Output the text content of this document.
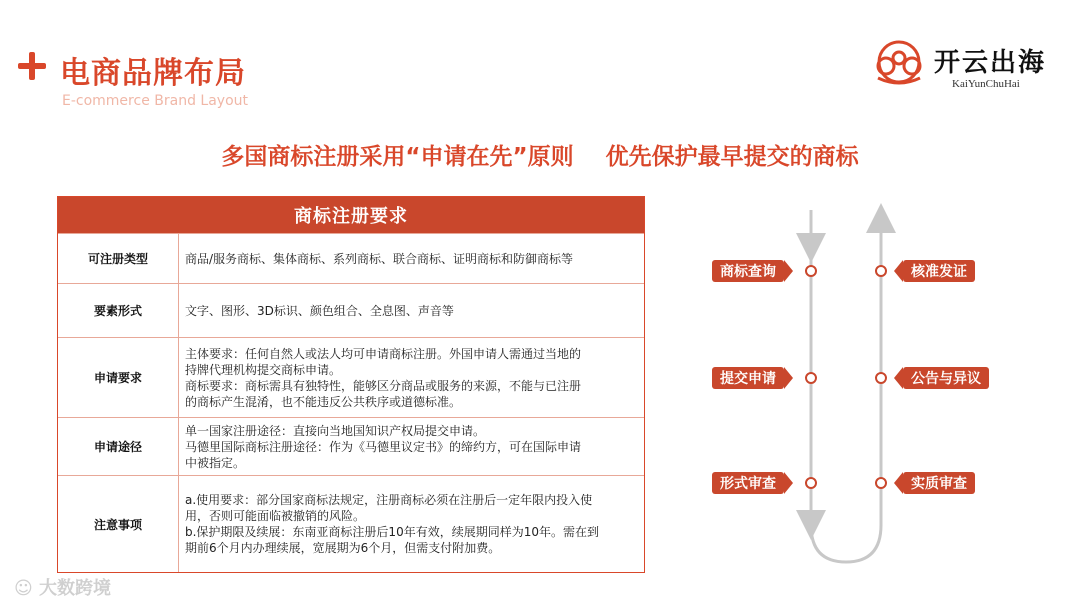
电商品牌布局
E-commerce Brand Layout
开云出海
KaiYunChuHai
多国商标注册采用“申请在先”原则    优先保护最早提交的商标
商标注册要求
可注册类型	商品/服务商标、集体商标、系列商标、联合商标、证明商标和防御商标等
要素形式	文字、图形、3D标识、颜色组合、全息图、声音等
申请要求
主体要求：任何自然人或法人均可申请商标注册。外国申请人需通过当地的
持牌代理机构提交商标申请。
商标要求：商标需具有独特性，能够区分商品或服务的来源，不能与已注册
的商标产生混淆，也不能违反公共秩序或道德标准。
申请途径
单一国家注册途径：直接向当地国知识产权局提交申请。
马德里国际商标注册途径：作为《马德里议定书》的缔约方，可在国际申请
中被指定。
注意事项
a.使用要求：部分国家商标法规定，注册商标必须在注册后一定年限内投入使
用，否则可能面临被撤销的风险。
b.保护期限及续展：东南亚商标注册后10年有效，续展期同样为10年。需在到
期前6个月内办理续展，宽展期为6个月，但需支付附加费。
商标查询
提交申请
形式审查
核准发证
公告与异议
实质审查
☺ 大数跨境
